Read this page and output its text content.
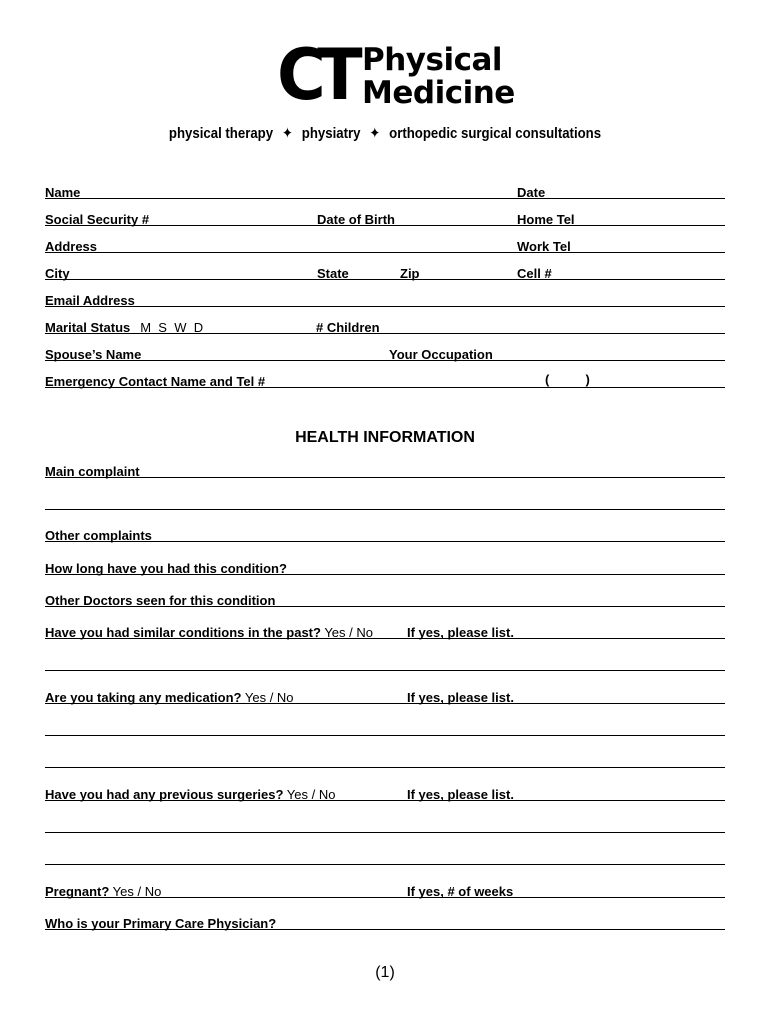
CT Physical
Medicine
physical therapy ✦ physiatry ✦ orthopedic surgical consultations
Name	Date
Social Security #	Date of Birth	Home Tel
Address	Work Tel
City	State	Zip	Cell #
Email Address
Marital Status M  S  W  D	# Children
Spouse’s Name	Your Occupation
Emergency Contact Name and Tel #	(          )
HEALTH INFORMATION
Main complaint
Other complaints
How long have you had this condition?
Other Doctors seen for this condition
Have you had similar conditions in the past? Yes / No	If yes, please list.
Are you taking any medication? Yes / No	If yes, please list.
Have you had any previous surgeries? Yes / No	If yes, please list.
Pregnant? Yes / No	If yes, # of weeks
Who is your Primary Care Physician?
(1)
